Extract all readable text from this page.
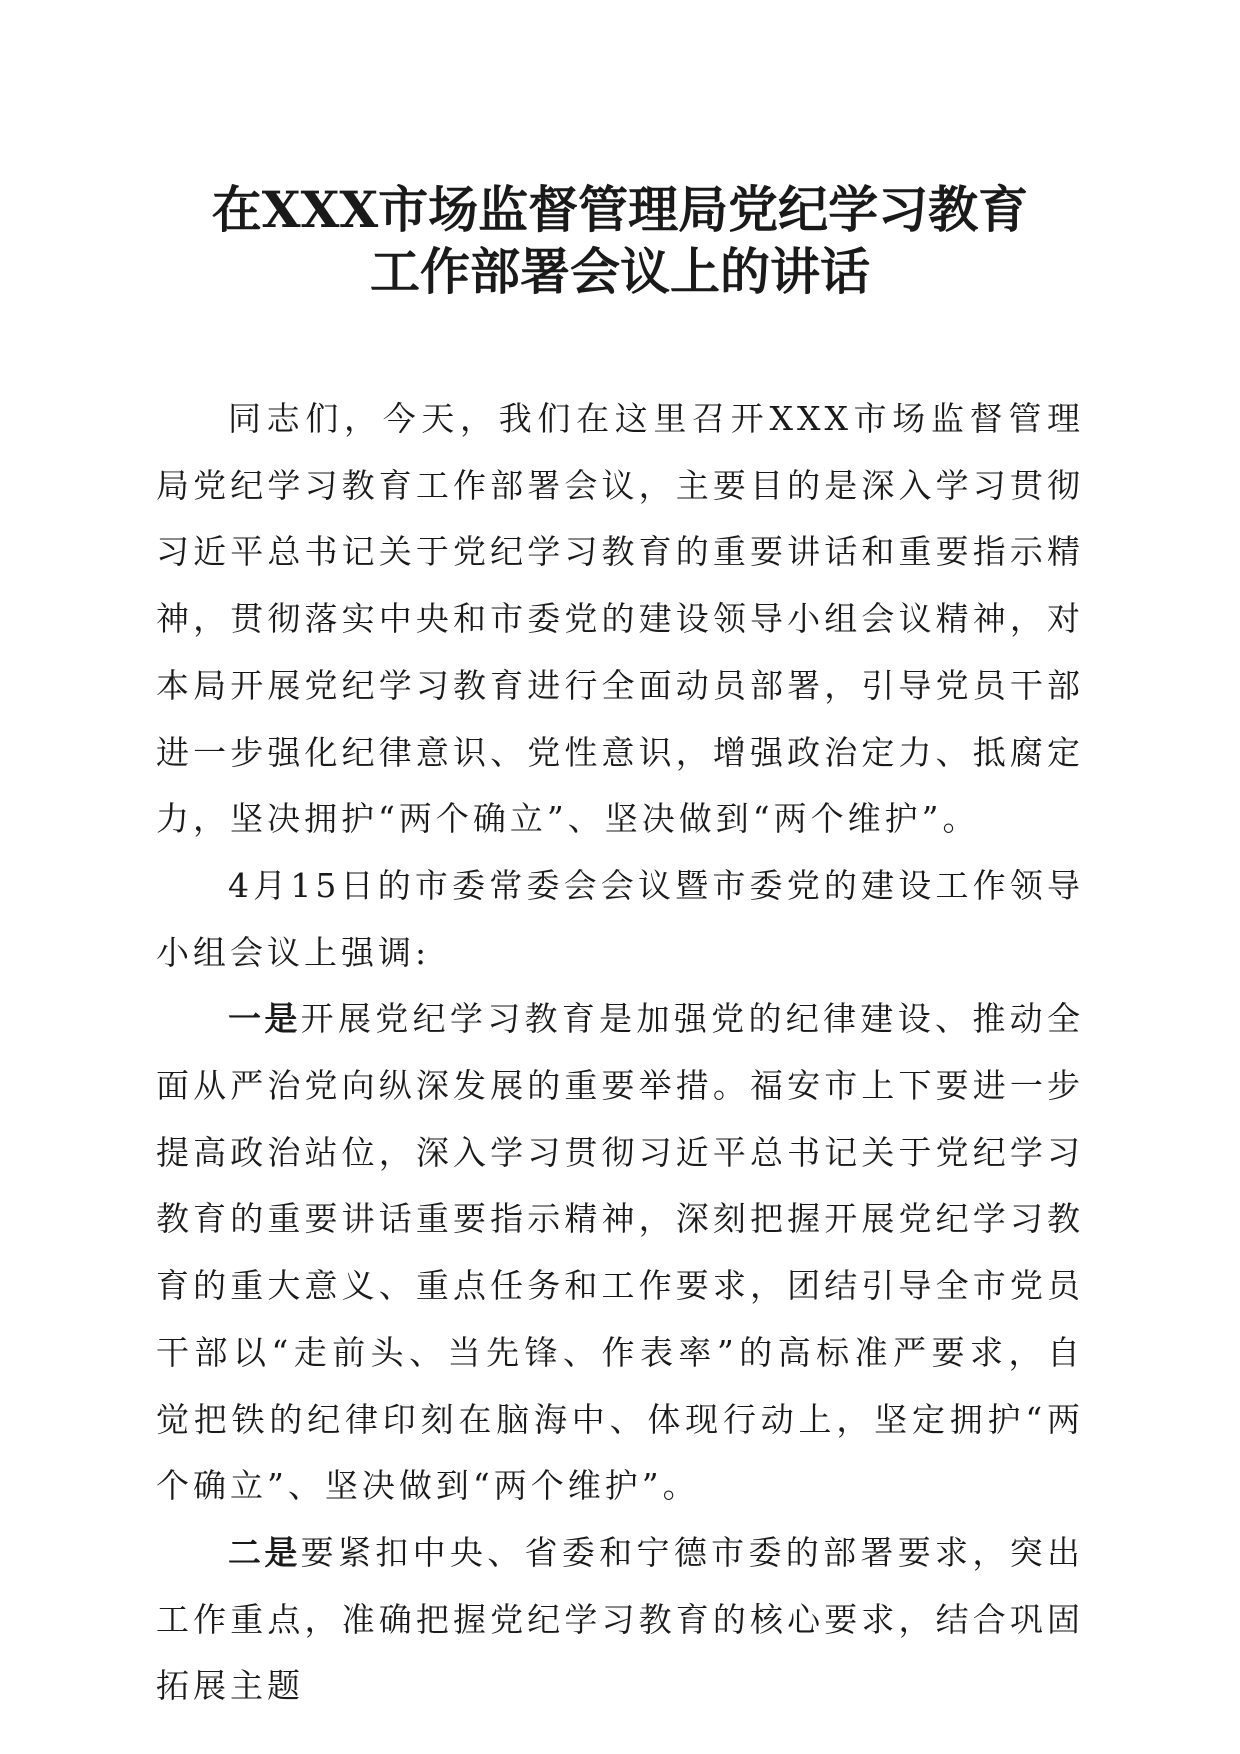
在XXX市场监督管理局党纪学习教育
工作部署会议上的讲话

同志们，今天，我们在这里召开XXX市场监督管理局党纪学习教育工作部署会议，主要目的是深入学习贯彻习近平总书记关于党纪学习教育的重要讲话和重要指示精神，贯彻落实中央和市委党的建设领导小组会议精神，对本局开展党纪学习教育进行全面动员部署，引导党员干部进一步强化纪律意识、党性意识，增强政治定力、抵腐定力，坚决拥护“两个确立”、坚决做到“两个维护”。

4月15日的市委常委会会议暨市委党的建设工作领导小组会议上强调:

一是开展党纪学习教育是加强党的纪律建设、推动全面从严治党向纵深发展的重要举措。福安市上下要进一步提高政治站位，深入学习贯彻习近平总书记关于党纪学习教育的重要讲话重要指示精神，深刻把握开展党纪学习教育的重大意义、重点任务和工作要求，团结引导全市党员干部以“走前头、当先锋、作表率”的高标准严要求，自觉把铁的纪律印刻在脑海中、体现行动上，坚定拥护“两个确立”、坚决做到“两个维护”。

二是要紧扣中央、省委和宁德市委的部署要求，突出工作重点，准确把握党纪学习教育的核心要求，结合巩固拓展主题
